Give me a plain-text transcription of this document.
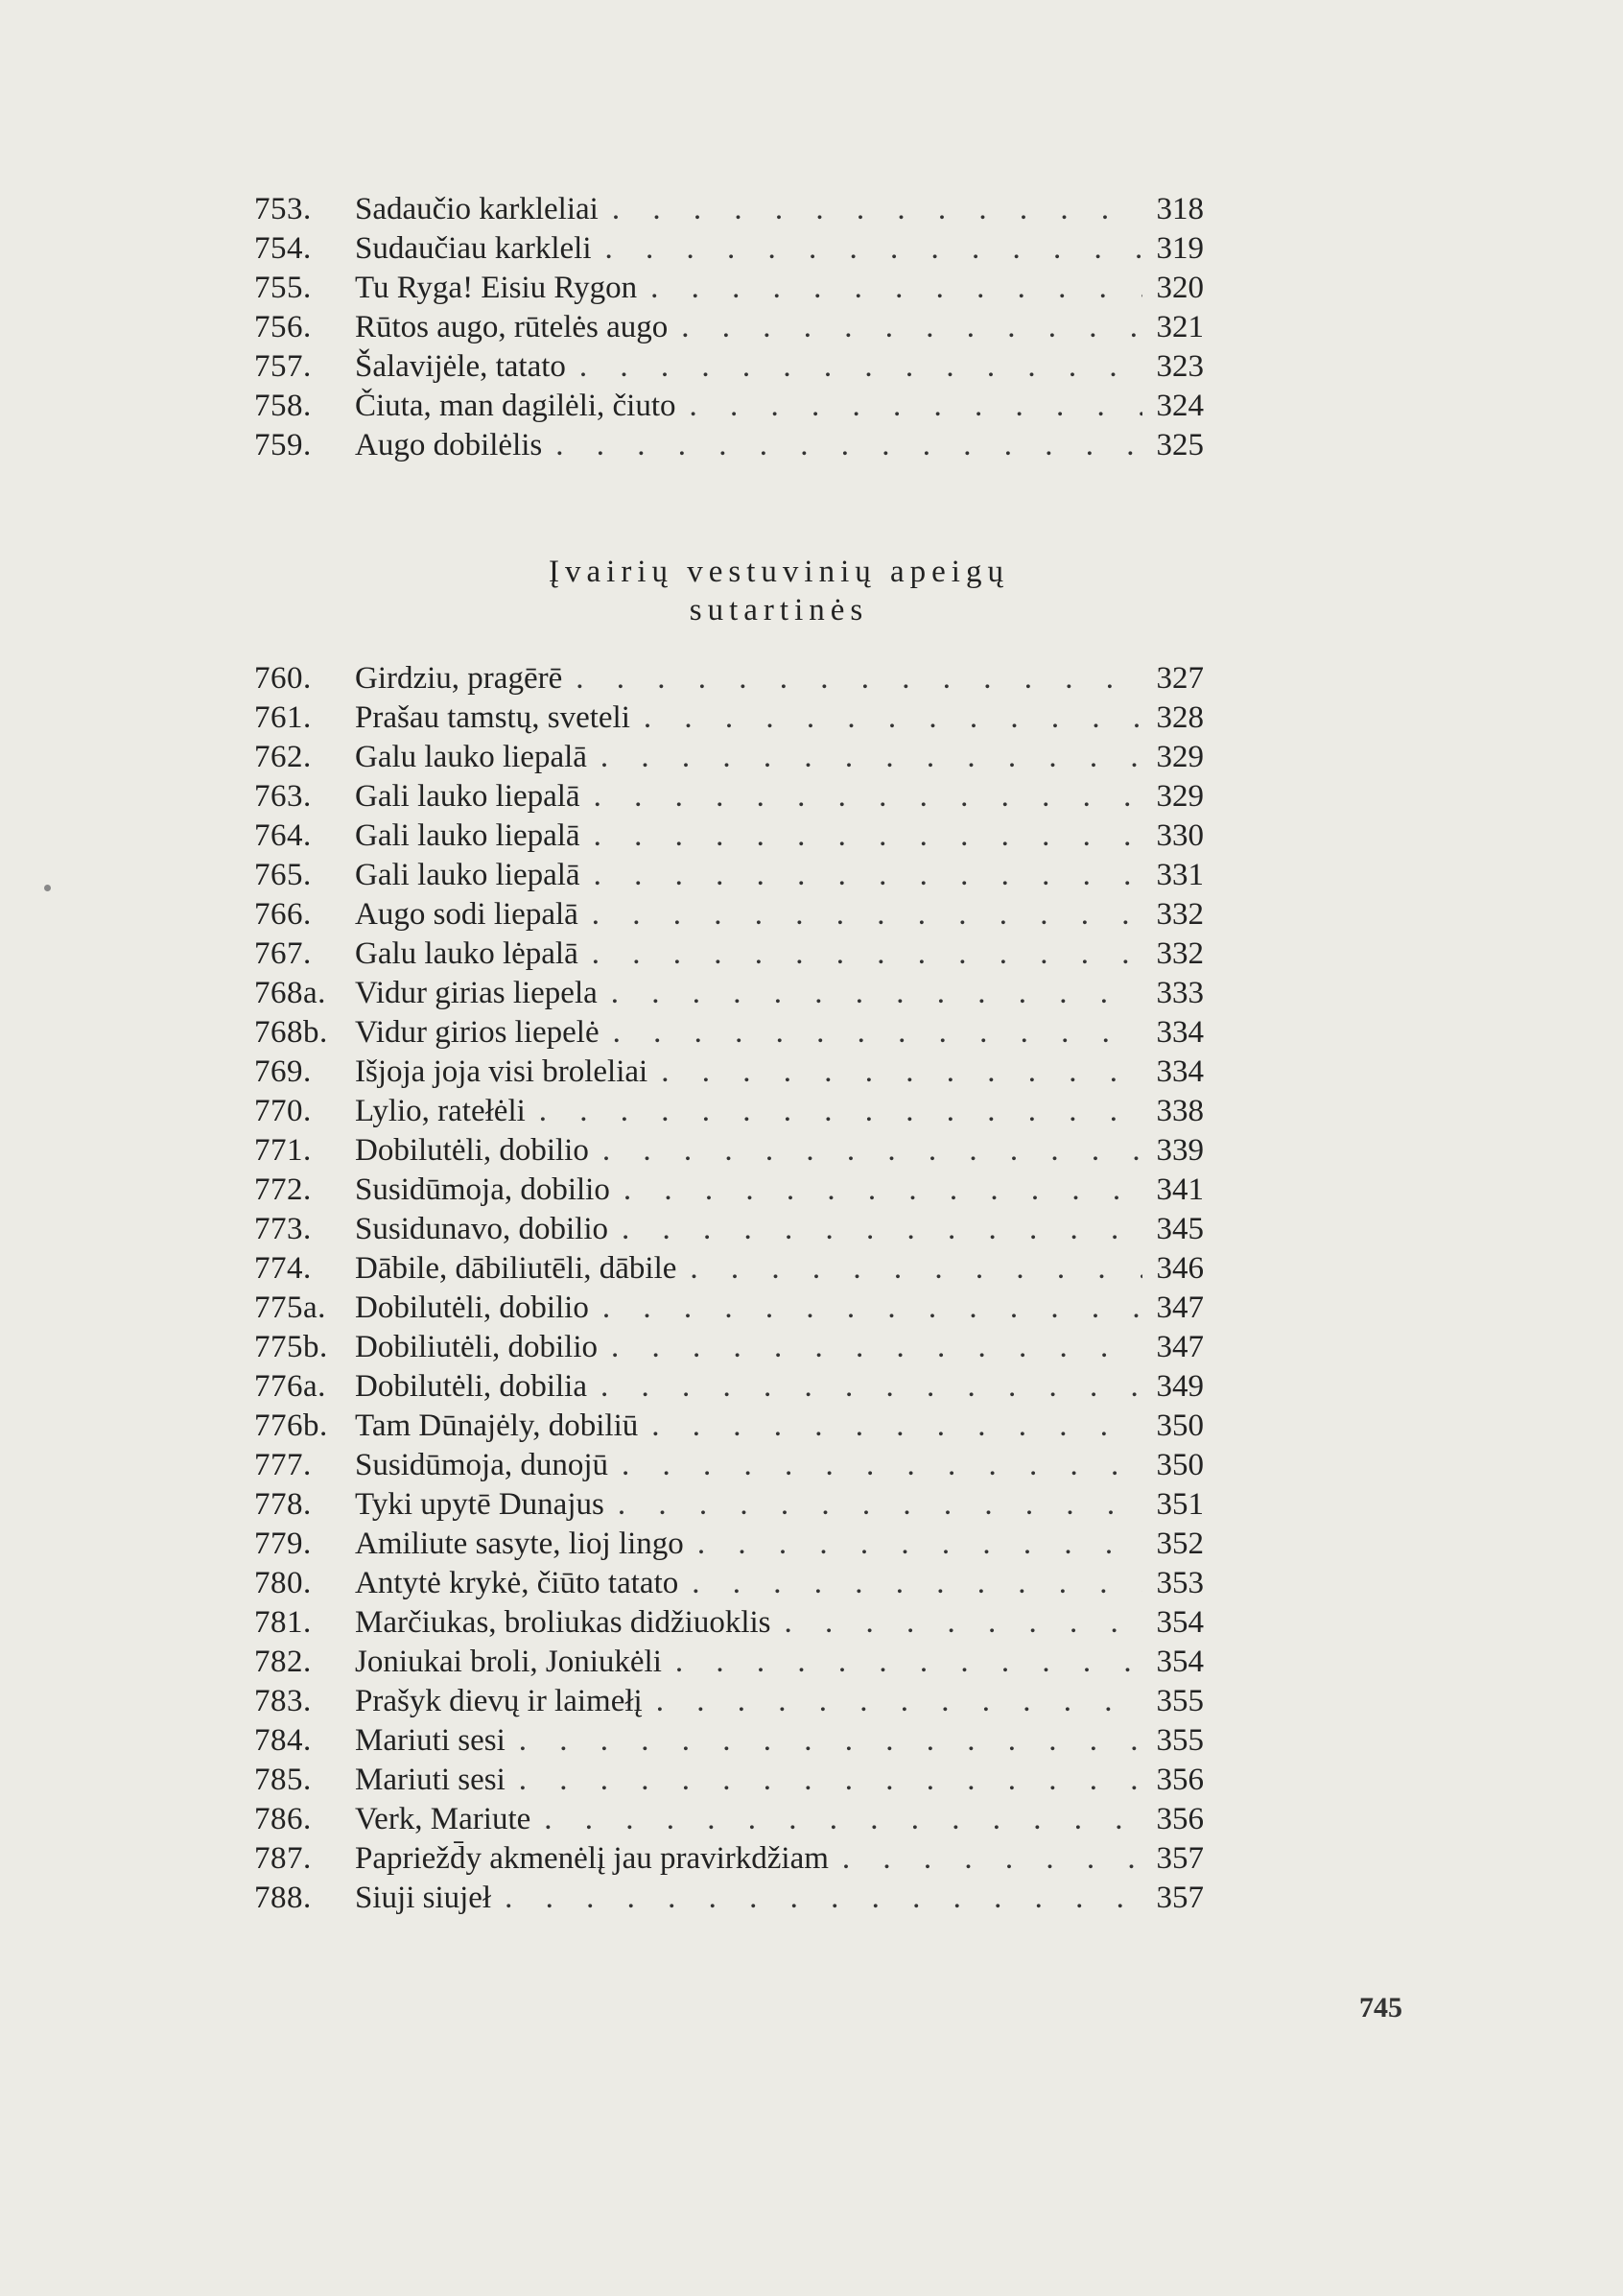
753.	Sadaučio karkleliai . . .	318
754.	Sudaučiau karkleli . . .	319
755.	Tu Ryga! Eisiu Rygon . . .	320
756.	Rūtos augo, rūtelės augo . . .	321
757.	Šalavijėle, tatato . . .	323
758.	Čiuta, man dagilėli, čiuto . . .	324
759.	Augo dobilėlis . . .	325
Įvairių vestuvinių apeigų
sutartinės
760.	Girdziu, pragērē . . .	327
761.	Prašau tamstų, sveteli . . .	328
762.	Galu lauko liepalā . . .	329
763.	Gali lauko liepalā . . .	329
764.	Gali lauko liepalā . . .	330
765.	Gali lauko liepalā . . .	331
766.	Augo sodi liepalā . . .	332
767.	Galu lauko lėpalā . . .	332
768a. Vidur girias liepela . . .	333
768b. Vidur girios liepelė . . .	334
769.	Išjoja joja visi broleliai . . .	334
770.	Lylio, ratełėli . . .	338
771.	Dobilutėli, dobilio . . .	339
772.	Susidūmoja, dobilio . . .	341
773.	Susidunavo, dobilio . . .	345
774.	Dābile, dābiliutēli, dābile . . .	346
775a. Dobilutėli, dobilio . . .	347
775b. Dobiliutėli, dobilio . . .	347
776a. Dobilutėli, dobilia . . .	349
776b. Tam Dūnajėly, dobiliū . . .	350
777.	Susidūmoja, dunojū . . .	350
778.	Tyki upytē Dunajus . . .	351
779.	Amiliute sasyte, lioj lingo . . .	352
780.	Antytė krykė, čiūto tatato . . .	353
781.	Marčiukas, broliukas didžiuoklis . . .	354
782.	Joniukai broli, Joniukėli . . .	354
783.	Prašyk dievų ir laimełį . . .	355
784.	Mariuti sesi . . .	355
785.	Mariuti sesi . . .	356
786.	Verk, Mariute . . .	356
787.	Papriežd̄y akmenėlį jau pravirkdžiam . . .	357
788.	Siuji siujeł . . .	357
745
